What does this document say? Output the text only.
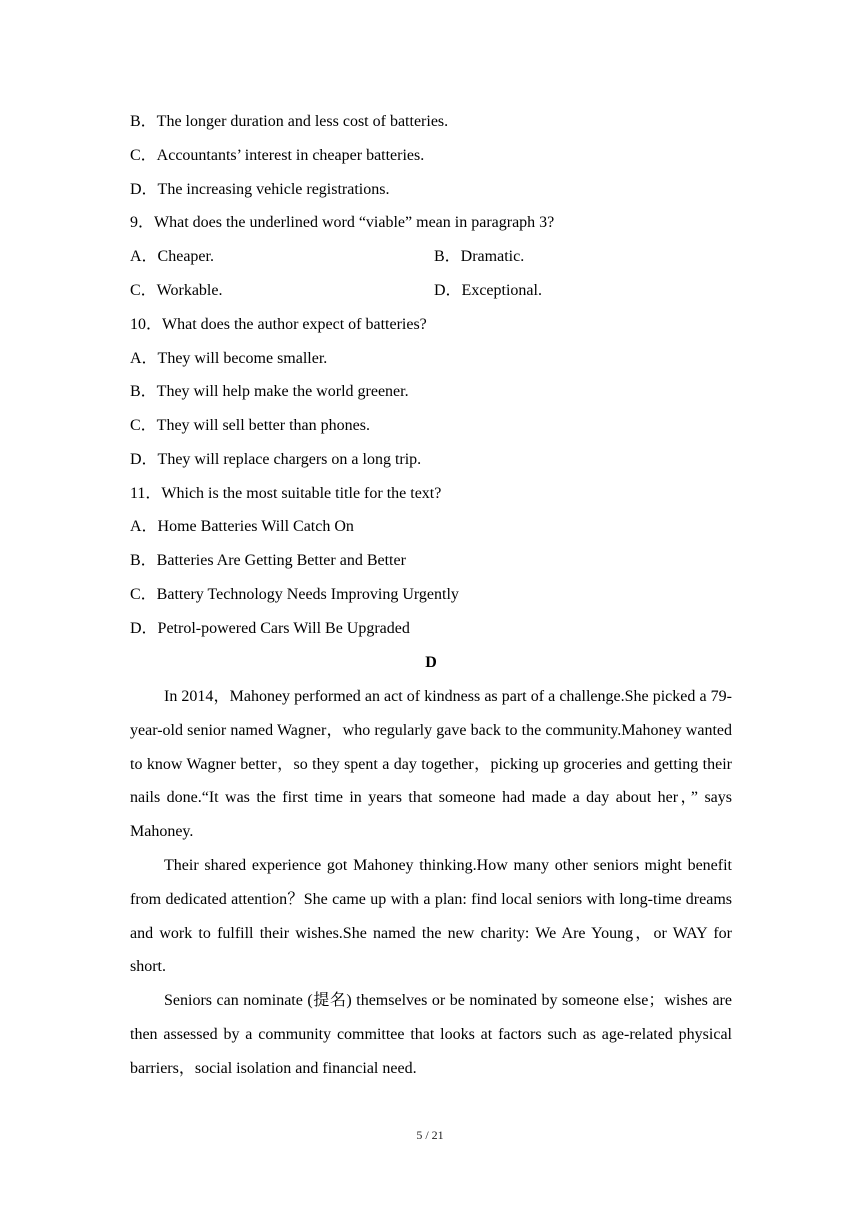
B．The longer duration and less cost of batteries.
C．Accountants’ interest in cheaper batteries.
D．The increasing vehicle registrations.
9．What does the underlined word “viable” mean in paragraph 3?
A．Cheaper.	B．Dramatic.
C．Workable.	D．Exceptional.
10．What does the author expect of batteries?
A．They will become smaller.
B．They will help make the world greener.
C．They will sell better than phones.
D．They will replace chargers on a long trip.
11．Which is the most suitable title for the text?
A．Home Batteries Will Catch On
B．Batteries Are Getting Better and Better
C．Battery Technology Needs Improving Urgently
D．Petrol-powered Cars Will Be Upgraded
D
In 2014，Mahoney performed an act of kindness as part of a challenge.She picked a 79-year-old senior named Wagner，who regularly gave back to the community.Mahoney wanted to know Wagner better，so they spent a day together，picking up groceries and getting their nails done.“It was the first time in years that someone had made a day about her，” says Mahoney.
Their shared experience got Mahoney thinking.How many other seniors might benefit from dedicated attention？She came up with a plan: find local seniors with long-time dreams and work to fulfill their wishes.She named the new charity: We Are Young，or WAY for short.
Seniors can nominate (提名) themselves or be nominated by someone else；wishes are then assessed by a community committee that looks at factors such as age-related physical barriers，social isolation and financial need.
5 / 21
